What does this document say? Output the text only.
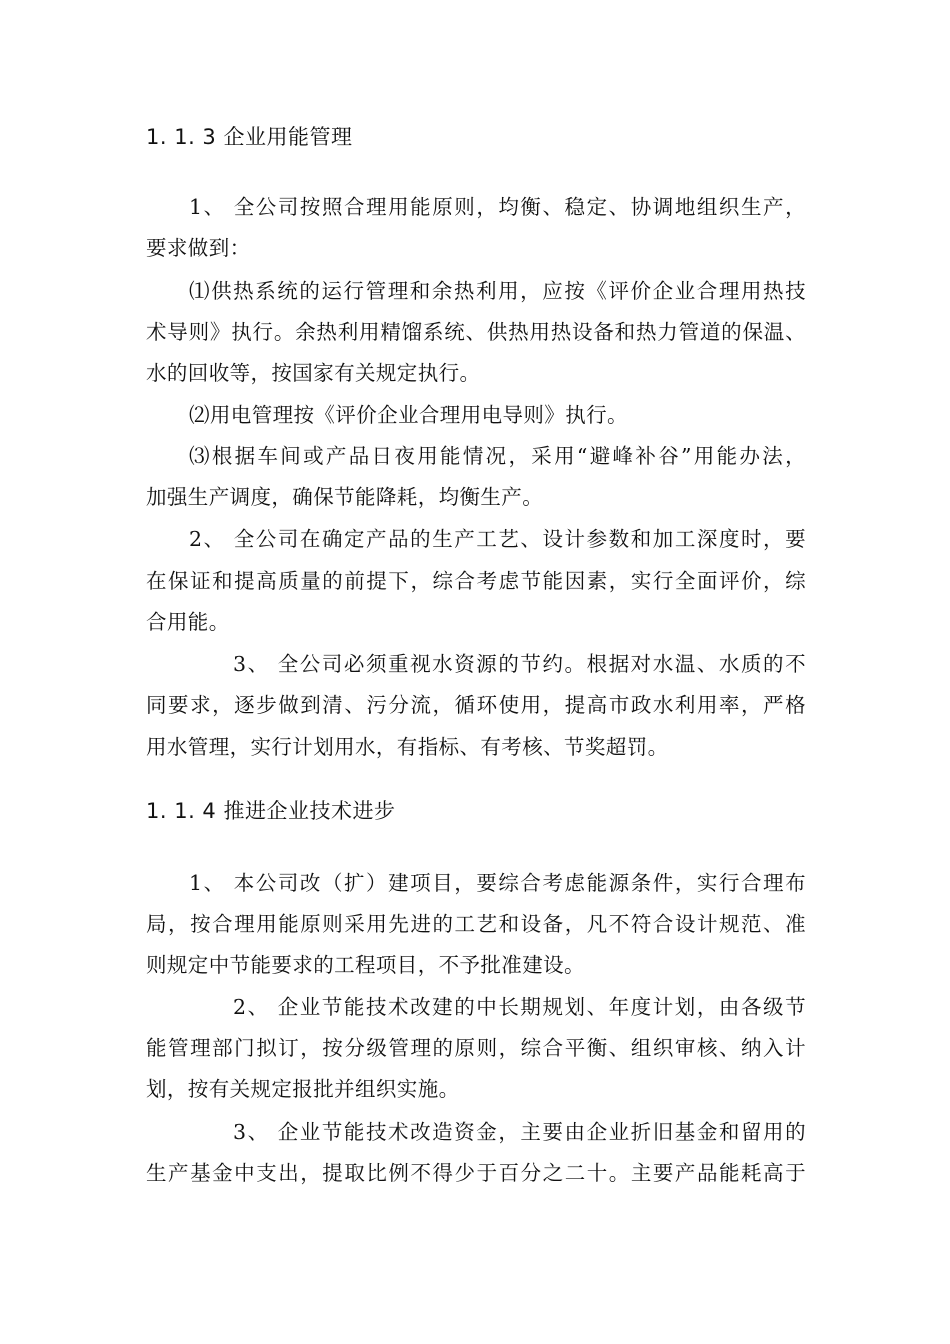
1. 1. 3 企业用能管理
1、 全公司按照合理用能原则，均衡、稳定、协调地组织生产，
要求做到：
⑴供热系统的运行管理和余热利用，应按《评价企业合理用热技
术导则》执行。余热利用精馏系统、供热用热设备和热力管道的保温、
水的回收等，按国家有关规定执行。
⑵用电管理按《评价企业合理用电导则》执行。
⑶根据车间或产品日夜用能情况，采用“避峰补谷”用能办法，
加强生产调度，确保节能降耗，均衡生产。
2、 全公司在确定产品的生产工艺、设计参数和加工深度时，要
在保证和提高质量的前提下，综合考虑节能因素，实行全面评价，综
合用能。
3、 全公司必须重视水资源的节约。根据对水温、水质的不
同要求，逐步做到清、污分流，循环使用，提高市政水利用率，严格
用水管理，实行计划用水，有指标、有考核、节奖超罚。
1. 1. 4 推进企业技术进步
1、 本公司改（扩）建项目，要综合考虑能源条件，实行合理布
局，按合理用能原则采用先进的工艺和设备，凡不符合设计规范、准
则规定中节能要求的工程项目，不予批准建设。
2、 企业节能技术改建的中长期规划、年度计划，由各级节
能管理部门拟订，按分级管理的原则，综合平衡、组织审核、纳入计
划，按有关规定报批并组织实施。
3、 企业节能技术改造资金，主要由企业折旧基金和留用的
生产基金中支出，提取比例不得少于百分之二十。主要产品能耗高于
